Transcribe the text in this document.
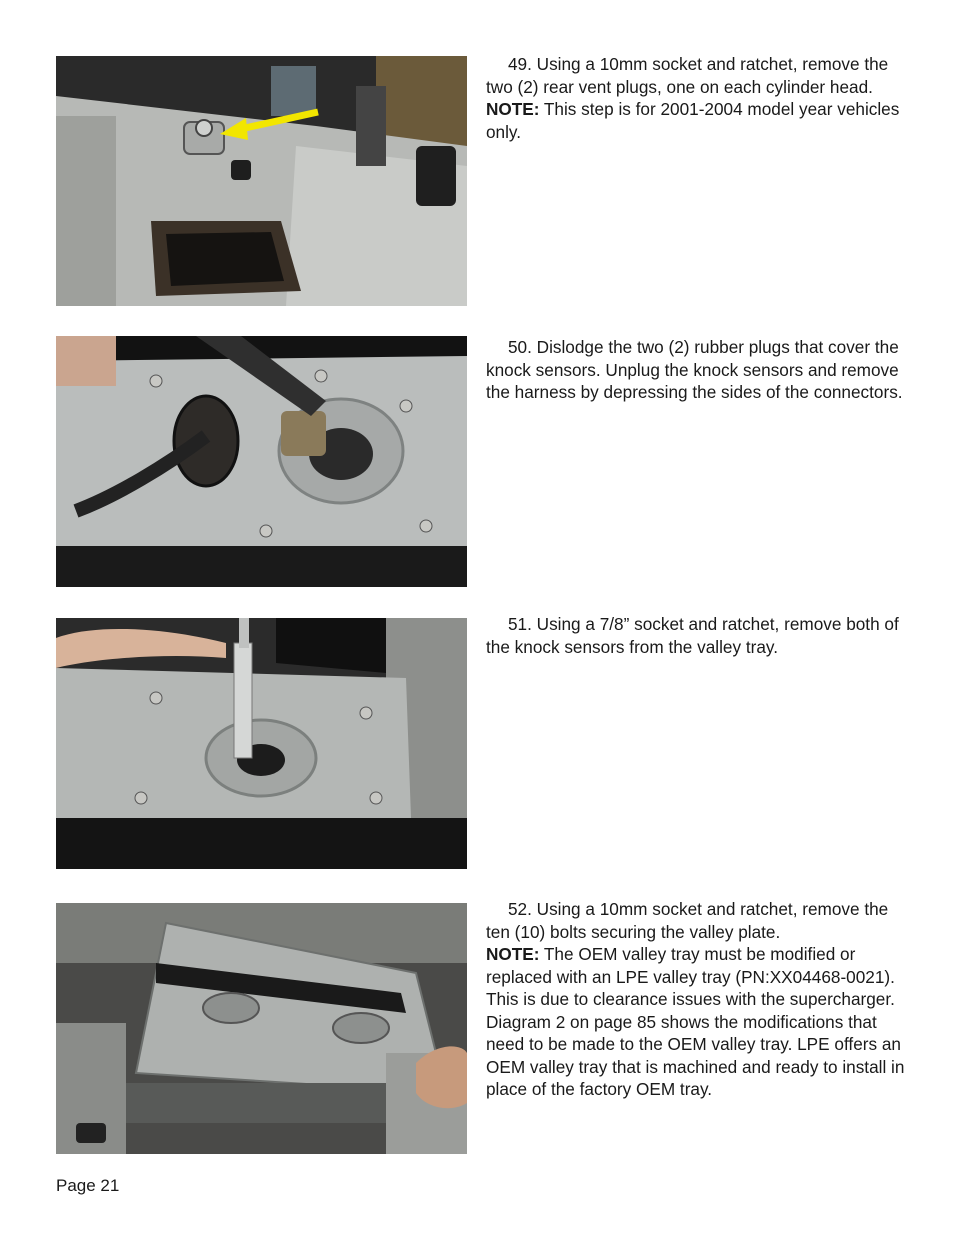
49. Using a 10mm socket and ratchet, remove the two (2) rear vent plugs, one on each cylinder head.

NOTE: This step is for 2001-2004 model year vehicles only.

50. Dislodge the two (2) rubber plugs that cover the knock sensors. Unplug the knock sensors and remove the harness by depressing the sides of the connectors.

51. Using a 7/8” socket and ratchet, remove both of the knock sensors from the valley tray.

52. Using a 10mm socket and ratchet, remove the ten (10) bolts securing the valley plate.

NOTE: The OEM valley tray must be modified or replaced with an LPE valley tray (PN:XX04468-0021). This is due to clearance issues with the supercharger. Diagram 2 on page 85 shows the modifications that need to be made to the OEM valley tray. LPE offers an OEM valley tray that is machined and ready to install in place of the factory OEM tray.

Page 21
